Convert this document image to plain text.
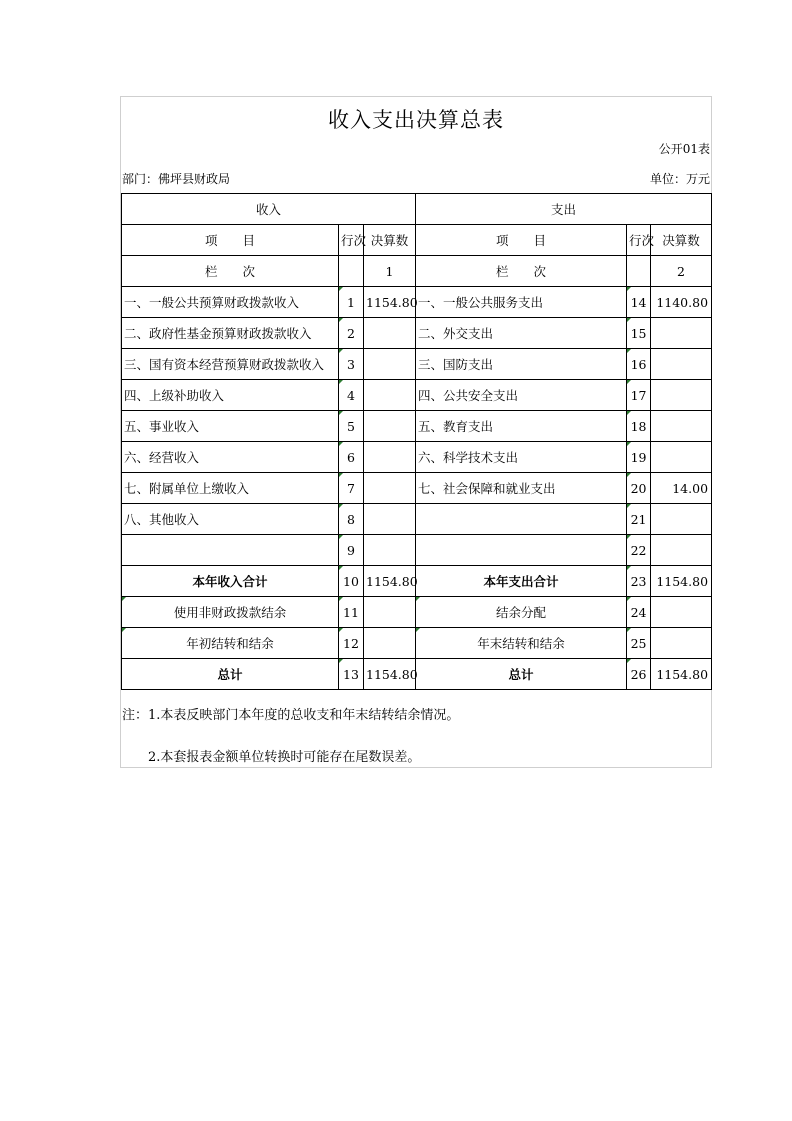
收入支出决算总表
公开01表
部门：佛坪县财政局	单位：万元
收入			支出		
项　　目	行次	决算数	项　　目	行次	决算数
栏　　次		1	栏　　次		2
一、一般公共预算财政拨款收入	1	1154.80	一、一般公共服务支出	14	1140.80
二、政府性基金预算财政拨款收入	2		二、外交支出	15	
三、国有资本经营预算财政拨款收入	3		三、国防支出	16	
四、上级补助收入	4		四、公共安全支出	17	
五、事业收入	5		五、教育支出	18	
六、经营收入	6		六、科学技术支出	19	
七、附属单位上缴收入	7		七、社会保障和就业支出	20	14.00
八、其他收入	8			21	
	9			22	
本年收入合计	10	1154.80	本年支出合计	23	1154.80
使用非财政拨款结余	11		结余分配	24	
年初结转和结余	12		年末结转和结余	25	
总计	13	1154.80	总计	26	1154.80
注：1.本表反映部门本年度的总收支和年末结转结余情况。
2.本套报表金额单位转换时可能存在尾数误差。
